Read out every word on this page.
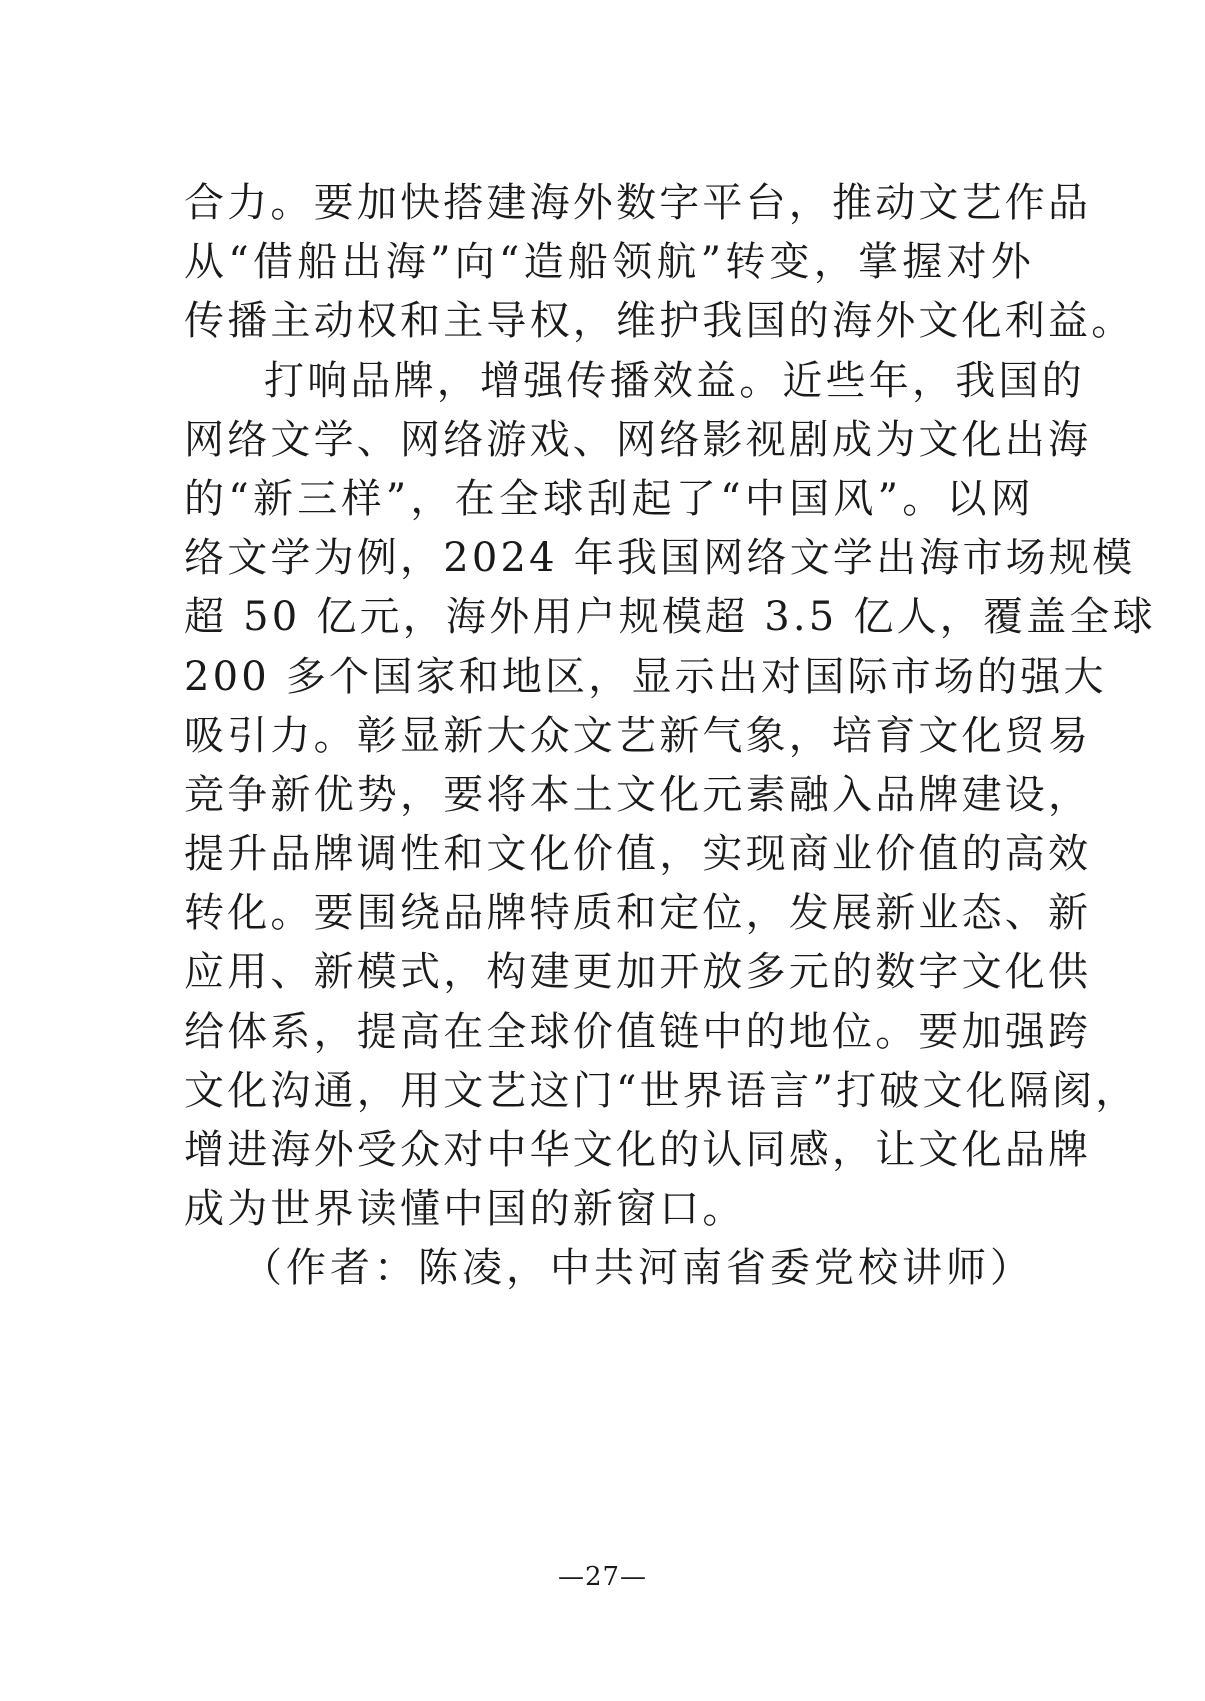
合力。要加快搭建海外数字平台，推动文艺作品
从“借船出海”向“造船领航”转变，掌握对外
传播主动权和主导权，维护我国的海外文化利益。
打响品牌，增强传播效益。近些年，我国的
网络文学、网络游戏、网络影视剧成为文化出海
的“新三样”，在全球刮起了“中国风”。以网
络文学为例，2024 年我国网络文学出海市场规模
超 50 亿元，海外用户规模超 3.5 亿人，覆盖全球
200 多个国家和地区，显示出对国际市场的强大
吸引力。彰显新大众文艺新气象，培育文化贸易
竞争新优势，要将本土文化元素融入品牌建设，
提升品牌调性和文化价值，实现商业价值的高效
转化。要围绕品牌特质和定位，发展新业态、新
应用、新模式，构建更加开放多元的数字文化供
给体系，提高在全球价值链中的地位。要加强跨
文化沟通，用文艺这门“世界语言”打破文化隔阂，
增进海外受众对中华文化的认同感，让文化品牌
成为世界读懂中国的新窗口。
（作者：陈凌，中共河南省委党校讲师）
—27—
